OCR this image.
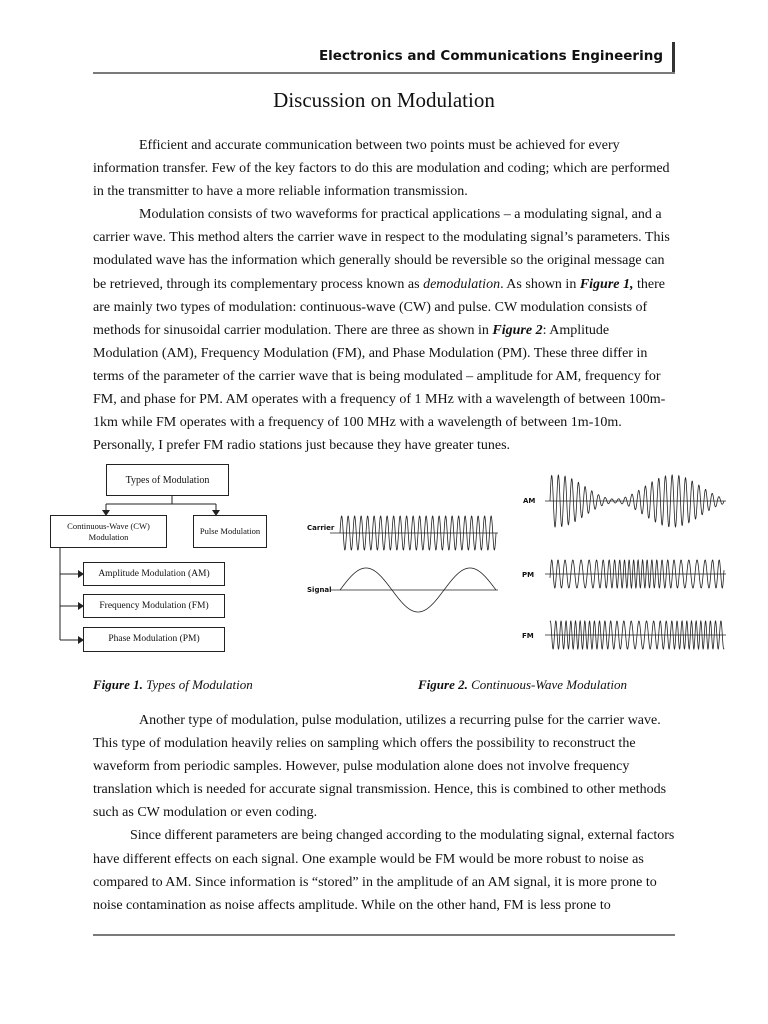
Electronics and Communications Engineering
Discussion on Modulation

Efficient and accurate communication between two points must be achieved for every information transfer. Few of the key factors to do this are modulation and coding; which are performed in the transmitter to have a more reliable information transmission.

Modulation consists of two waveforms for practical applications – a modulating signal, and a carrier wave. This method alters the carrier wave in respect to the modulating signal’s parameters. This modulated wave has the information which generally should be reversible so the original message can be retrieved, through its complementary process known as demodulation. As shown in Figure 1, there are mainly two types of modulation: continuous-wave (CW) and pulse. CW modulation consists of methods for sinusoidal carrier modulation. There are three as shown in Figure 2: Amplitude Modulation (AM), Frequency Modulation (FM), and Phase Modulation (PM). These three differ in terms of the parameter of the carrier wave that is being modulated – amplitude for AM, frequency for FM, and phase for PM. AM operates with a frequency of 1 MHz with a wavelength of between 100m-1km while FM operates with a frequency of 100 MHz with a wavelength of between 1m-10m. Personally, I prefer FM radio stations just because they have greater tunes.

Types of Modulation
Continuous-Wave (CW) Modulation
Pulse Modulation
Amplitude Modulation (AM)
Frequency Modulation (FM)
Phase Modulation (PM)
Figure 1. Types of Modulation
Carrier
Signal
AM
PM
FM
Figure 2. Continuous-Wave Modulation

Another type of modulation, pulse modulation, utilizes a recurring pulse for the carrier wave. This type of modulation heavily relies on sampling which offers the possibility to reconstruct the waveform from periodic samples. However, pulse modulation alone does not involve frequency translation which is needed for accurate signal transmission. Hence, this is combined to other methods such as CW modulation or even coding.

Since different parameters are being changed according to the modulating signal, external factors have different effects on each signal. One example would be FM would be more robust to noise as compared to AM. Since information is “stored” in the amplitude of an AM signal, it is more prone to noise contamination as noise affects amplitude. While on the other hand, FM is less prone to
